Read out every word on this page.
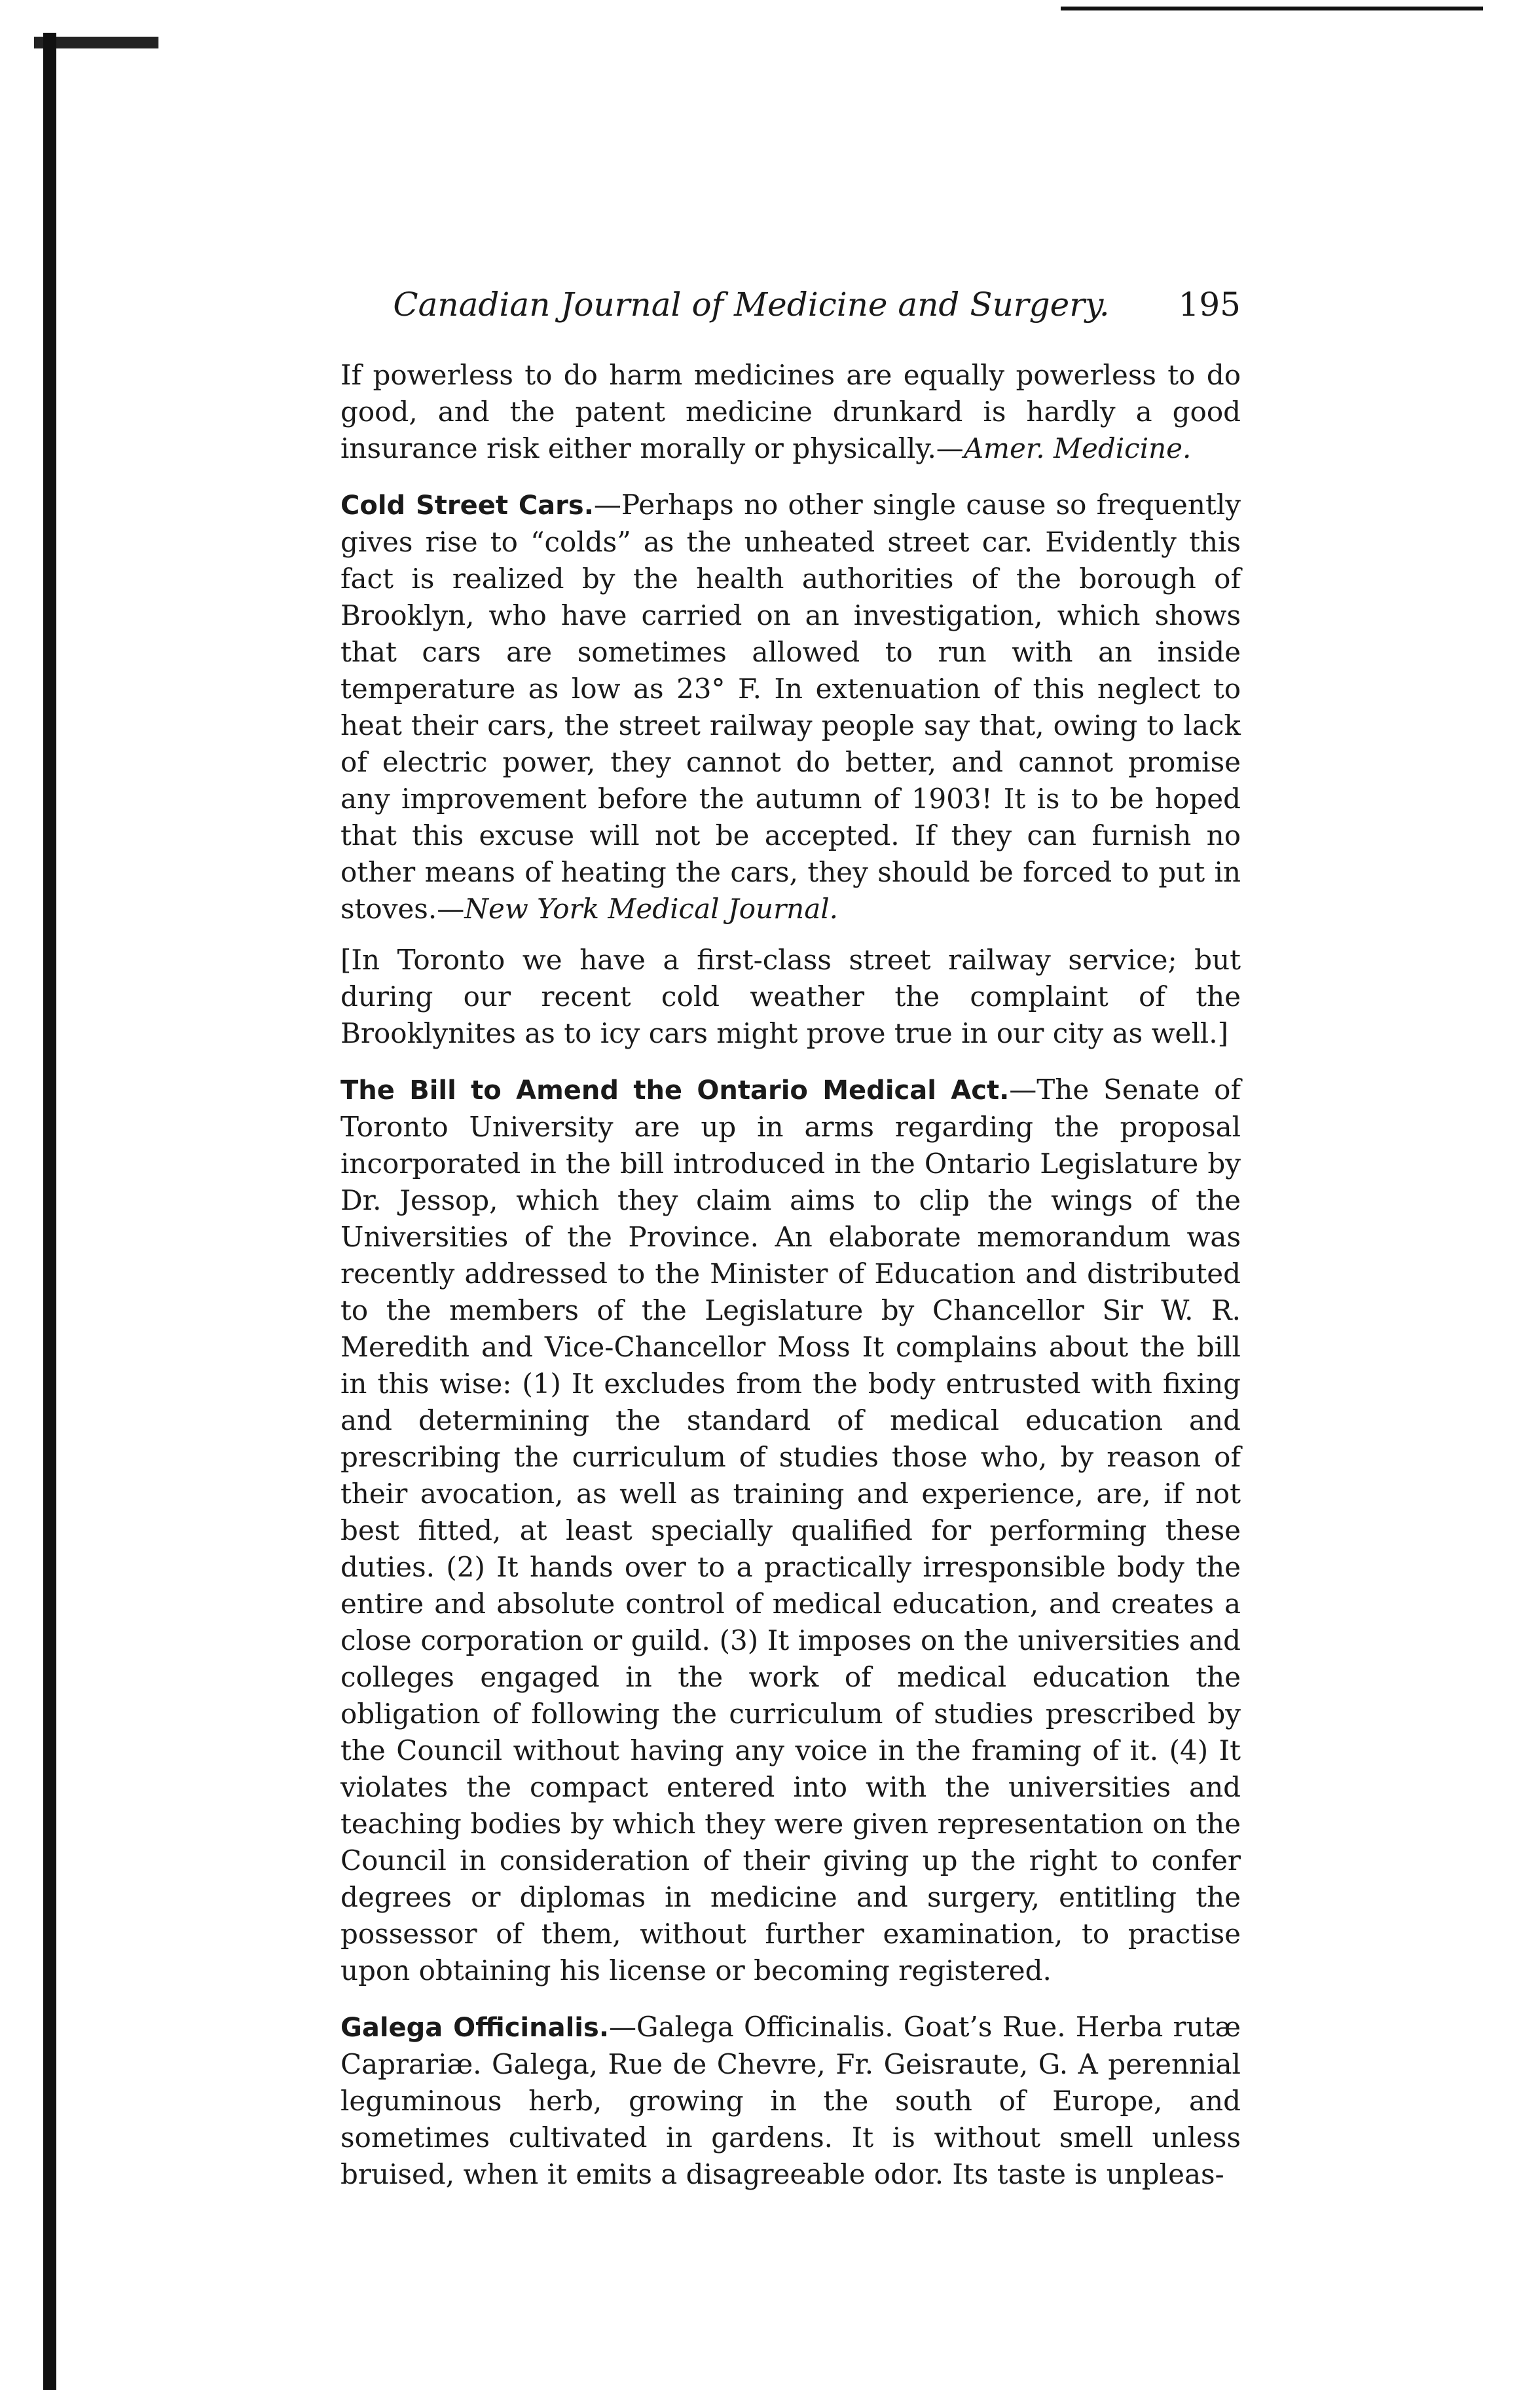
Canadian Journal of Medicine and Surgery.	195

If powerless to do harm medicines are equally powerless to do good, and the patent medicine drunkard is hardly a good insurance risk either morally or physically.—Amer. Medicine.

Cold Street Cars.—Perhaps no other single cause so frequently gives rise to “colds” as the unheated street car. Evidently this fact is realized by the health authorities of the borough of Brooklyn, who have carried on an investigation, which shows that cars are sometimes allowed to run with an inside temperature as low as 23° F. In extenuation of this neglect to heat their cars, the street railway people say that, owing to lack of electric power, they cannot do better, and cannot promise any improvement before the autumn of 1903! It is to be hoped that this excuse will not be accepted. If they can furnish no other means of heating the cars, they should be forced to put in stoves.—New York Medical Journal.

[In Toronto we have a first-class street railway service; but during our recent cold weather the complaint of the Brooklynites as to icy cars might prove true in our city as well.]

The Bill to Amend the Ontario Medical Act.—The Senate of Toronto University are up in arms regarding the proposal incorporated in the bill introduced in the Ontario Legislature by Dr. Jessop, which they claim aims to clip the wings of the Universities of the Province. An elaborate memorandum was recently addressed to the Minister of Education and distributed to the members of the Legislature by Chancellor Sir W. R. Meredith and Vice-Chancellor Moss It complains about the bill in this wise: (1) It excludes from the body entrusted with fixing and determining the standard of medical education and prescribing the curriculum of studies those who, by reason of their avocation, as well as training and experience, are, if not best fitted, at least specially qualified for performing these duties. (2) It hands over to a practically irresponsible body the entire and absolute control of medical education, and creates a close corporation or guild. (3) It imposes on the universities and colleges engaged in the work of medical education the obligation of following the curriculum of studies prescribed by the Council without having any voice in the framing of it. (4) It violates the compact entered into with the universities and teaching bodies by which they were given representation on the Council in consideration of their giving up the right to confer degrees or diplomas in medicine and surgery, entitling the possessor of them, without further examination, to practise upon obtaining his license or becoming registered.

Galega Officinalis.—Galega Officinalis. Goat’s Rue. Herba rutæ Caprariæ. Galega, Rue de Chevre, Fr. Geisraute, G. A perennial leguminous herb, growing in the south of Europe, and sometimes cultivated in gardens. It is without smell unless bruised, when it emits a disagreeable odor. Its taste is unpleas-
